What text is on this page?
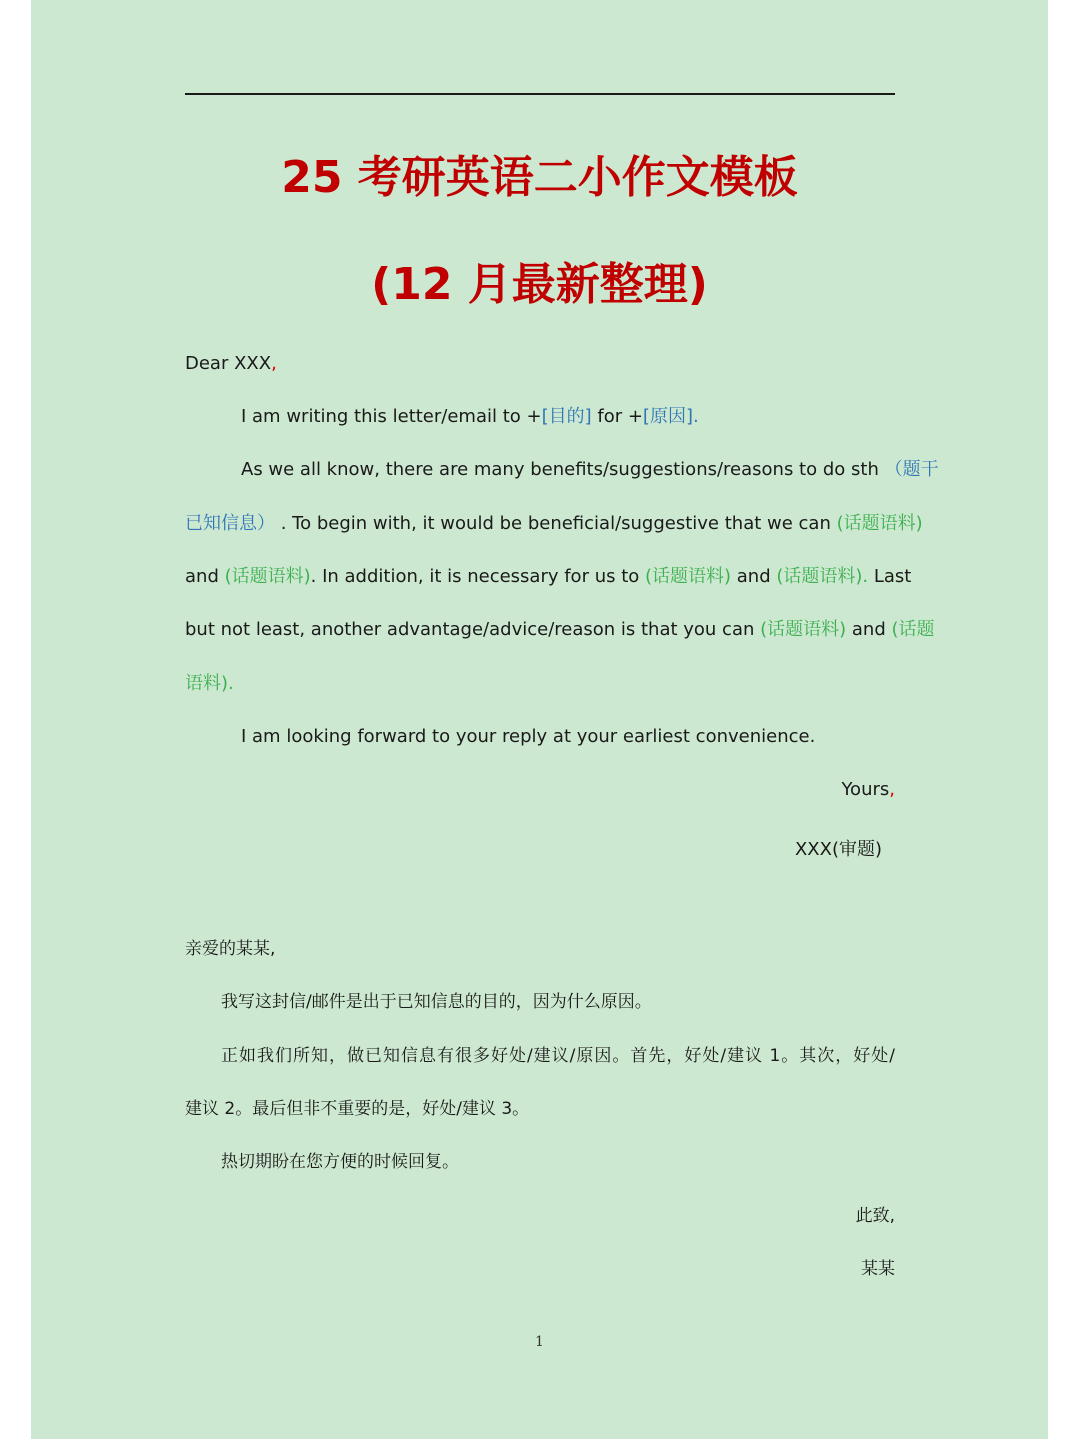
25 考研英语二小作文模板
(12 月最新整理)
Dear XXX,
I am writing this letter/email to +[目的] for +[原因].
As we all know, there are many benefits/suggestions/reasons to do sth （题干
已知信息） . To begin with, it would be beneficial/suggestive that we can (话题语料)
and (话题语料). In addition, it is necessary for us to (话题语料) and (话题语料). Last
but not least, another advantage/advice/reason is that you can (话题语料) and (话题
语料).
I am looking forward to your reply at your earliest convenience.
Yours,
XXX(审题)
亲爱的某某,
我写这封信/邮件是出于已知信息的目的，因为什么原因。
正如我们所知，做已知信息有很多好处/建议/原因。首先，好处/建议 1。其次，好处/
建议 2。最后但非不重要的是，好处/建议 3。
热切期盼在您方便的时候回复。
此致,
某某
1
